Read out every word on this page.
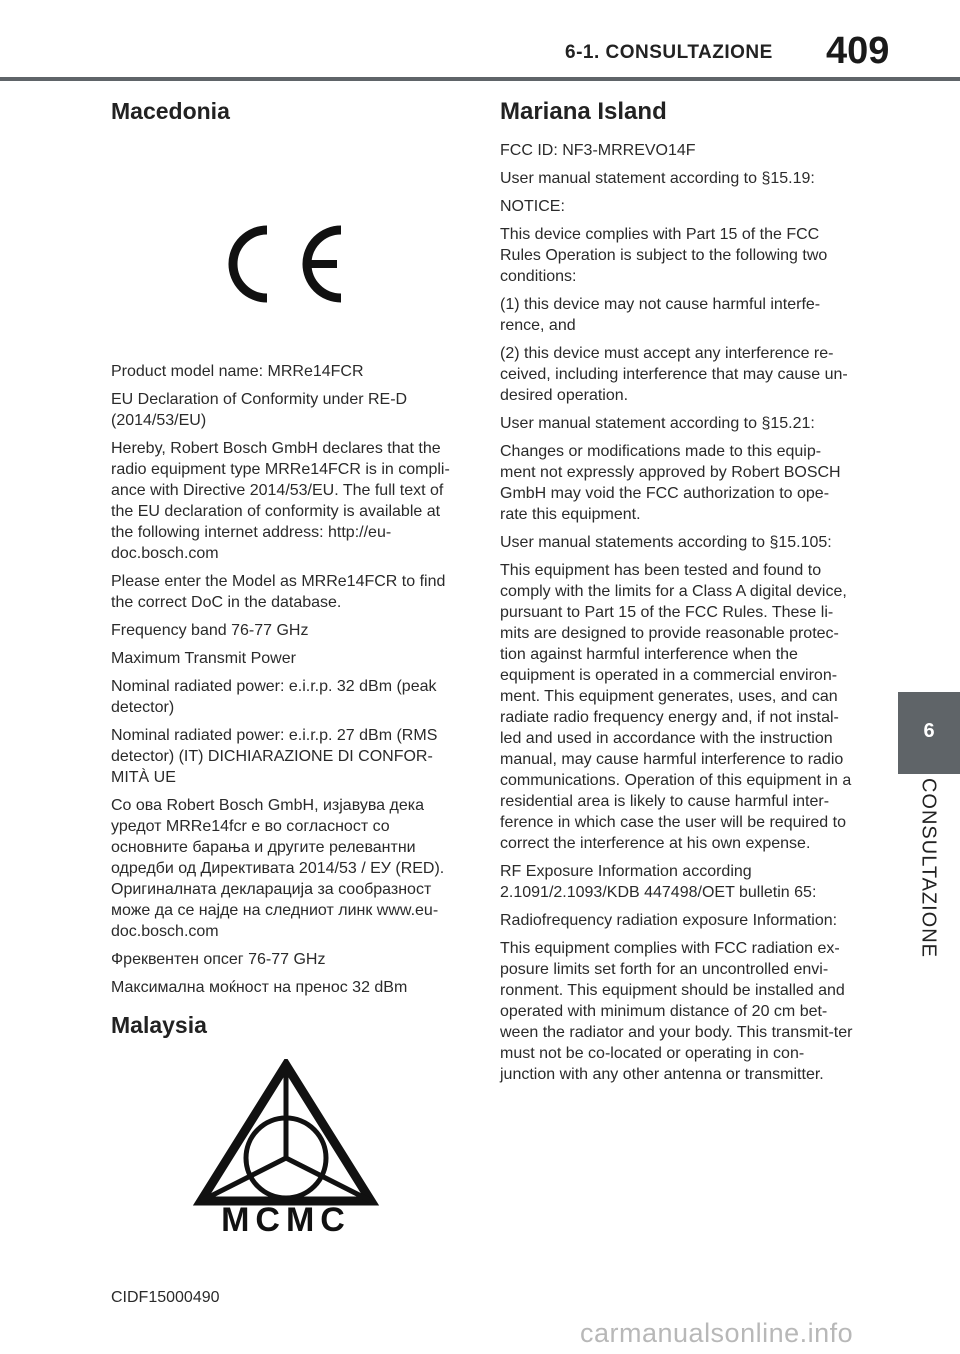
6-1. CONSULTAZIONE 409
Macedonia

Product model name: MRRe14FCR

EU Declaration of Conformity under RE-D (2014/53/EU)

Hereby, Robert Bosch GmbH declares that the radio equipment type MRRe14FCR is in compli-ance with Directive 2014/53/EU. The full text of the EU declaration of conformity is available at the following internet address: http://eu-doc.bosch.com

Please enter the Model as MRRe14FCR to find the correct DoC in the database.

Frequency band 76-77 GHz

Maximum Transmit Power

Nominal radiated power: e.i.r.p. 32 dBm (peak detector)

Nominal radiated power: e.i.r.p. 27 dBm (RMS detector) (IT) DICHIARAZIONE DI CONFOR-MITÀ UE

Со ова Robert Bosch GmbH, изјавува дека уредот MRRe14fcr е во согласност со основните барања и другите релевантни одредби од Директивата 2014/53 / ЕУ (RED). Оригиналната декларација за сообразност може да се најде на следниот линк www.eu-doc.bosch.com

Фреквентен опсег 76-77 GHz

Максимална моќност на пренос 32 dBm

Malaysia
MCMC

CIDF15000490

Mariana Island

FCC ID: NF3-MRREVO14F

User manual statement according to §15.19:

NOTICE:

This device complies with Part 15 of the FCC Rules Operation is subject to the following two conditions:

(1) this device may not cause harmful interfe-rence, and

(2) this device must accept any interference re-ceived, including interference that may cause un-desired operation.

User manual statement according to §15.21:

Changes or modifications made to this equip-ment not expressly approved by Robert BOSCH GmbH may void the FCC authorization to ope-rate this equipment.

User manual statements according to §15.105:

This equipment has been tested and found to comply with the limits for a Class A digital device, pursuant to Part 15 of the FCC Rules. These li-mits are designed to provide reasonable protec-tion against harmful interference when the equipment is operated in a commercial environ-ment. This equipment generates, uses, and can radiate radio frequency energy and, if not instal-led and used in accordance with the instruction manual, may cause harmful interference to radio communications. Operation of this equipment in a residential area is likely to cause harmful inter-ference in which case the user will be required to correct the interference at his own expense.

RF Exposure Information according 2.1091/2.1093/KDB 447498/OET bulletin 65:

Radiofrequency radiation exposure Information:

This equipment complies with FCC radiation ex-posure limits set forth for an uncontrolled envi-ronment. This equipment should be installed and operated with minimum distance of 20 cm bet-ween the radiator and your body. This transmit-ter must not be co-located or operating in con-junction with any other antenna or transmitter.

6
CONSULTAZIONE
carmanualsonline.info
